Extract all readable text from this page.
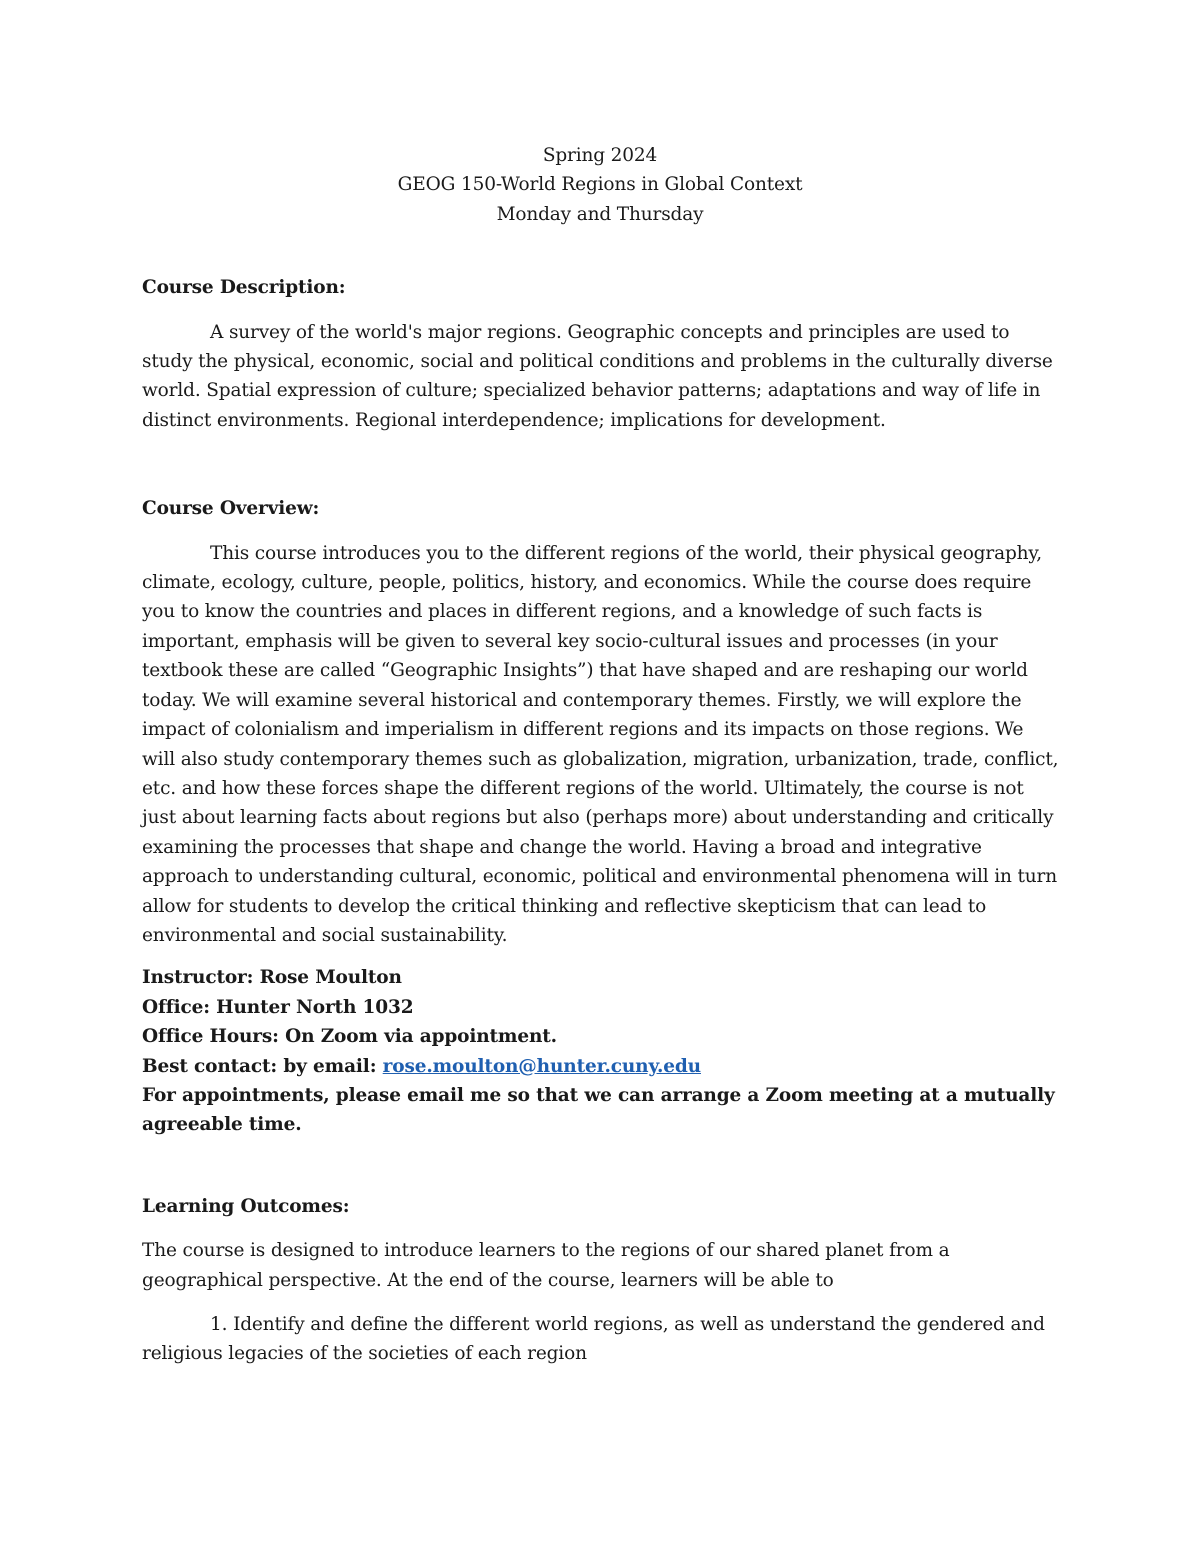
Spring 2024
GEOG 150-World Regions in Global Context
Monday and Thursday

Course Description:

A survey of the world's major regions. Geographic concepts and principles are used to study the physical, economic, social and political conditions and problems in the culturally diverse world. Spatial expression of culture; specialized behavior patterns; adaptations and way of life in distinct environments. Regional interdependence; implications for development.

Course Overview:

This course introduces you to the different regions of the world, their physical geography, climate, ecology, culture, people, politics, history, and economics. While the course does require you to know the countries and places in different regions, and a knowledge of such facts is important, emphasis will be given to several key socio-cultural issues and processes (in your textbook these are called “Geographic Insights”) that have shaped and are reshaping our world today. We will examine several historical and contemporary themes. Firstly, we will explore the impact of colonialism and imperialism in different regions and its impacts on those regions. We will also study contemporary themes such as globalization, migration, urbanization, trade, conflict, etc. and how these forces shape the different regions of the world. Ultimately, the course is not just about learning facts about regions but also (perhaps more) about understanding and critically examining the processes that shape and change the world. Having a broad and integrative approach to understanding cultural, economic, political and environmental phenomena will in turn allow for students to develop the critical thinking and reflective skepticism that can lead to environmental and social sustainability.

Instructor: Rose Moulton
Office: Hunter North 1032
Office Hours: On Zoom via appointment.
Best contact: by email: rose.moulton@hunter.cuny.edu
For appointments, please email me so that we can arrange a Zoom meeting at a mutually agreeable time.

Learning Outcomes:

The course is designed to introduce learners to the regions of our shared planet from a geographical perspective. At the end of the course, learners will be able to

1. Identify and define the different world regions, as well as understand the gendered and religious legacies of the societies of each region
